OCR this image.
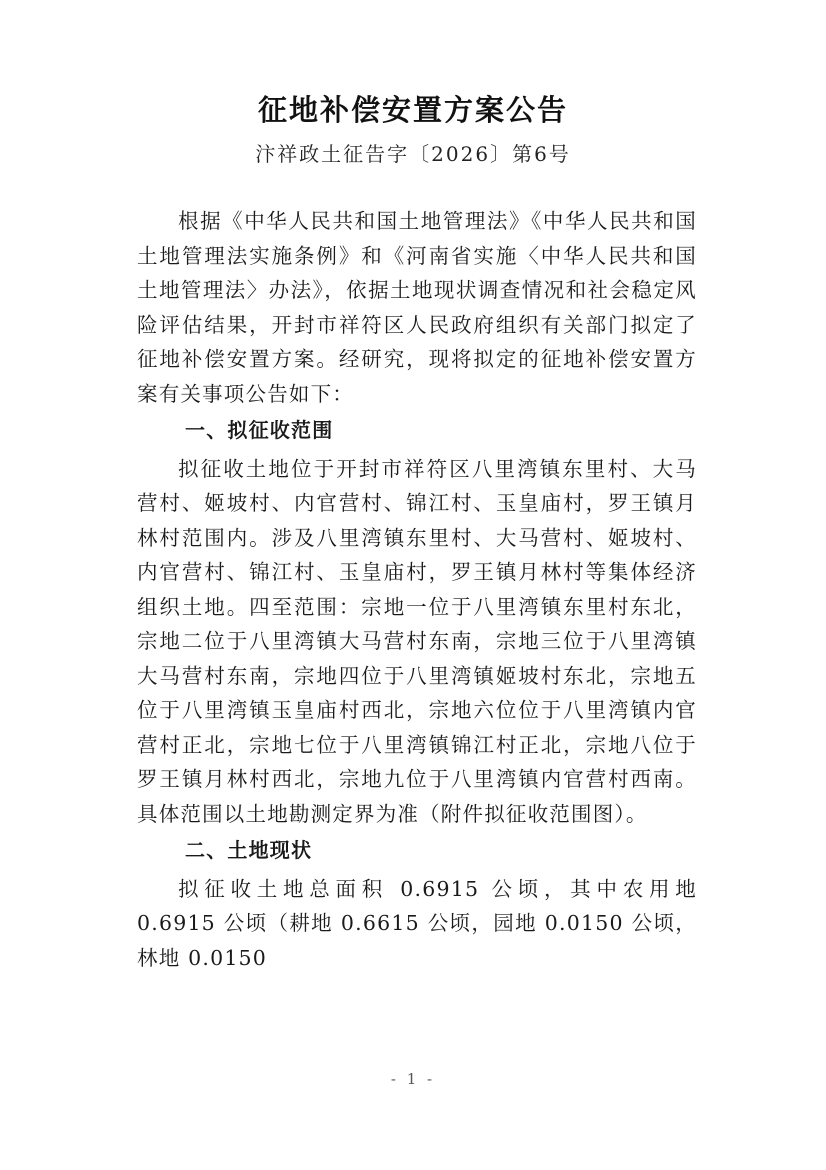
征地补偿安置方案公告
汴祥政土征告字〔2026〕第6号

根据《中华人民共和国土地管理法》《中华人民共和国土地管理法实施条例》和《河南省实施〈中华人民共和国土地管理法〉办法》，依据土地现状调查情况和社会稳定风险评估结果，开封市祥符区人民政府组织有关部门拟定了征地补偿安置方案。经研究，现将拟定的征地补偿安置方案有关事项公告如下：

一、拟征收范围

拟征收土地位于开封市祥符区八里湾镇东里村、大马营村、姬坡村、内官营村、锦江村、玉皇庙村，罗王镇月林村范围内。涉及八里湾镇东里村、大马营村、姬坡村、内官营村、锦江村、玉皇庙村，罗王镇月林村等集体经济组织土地。四至范围：宗地一位于八里湾镇东里村东北，宗地二位于八里湾镇大马营村东南，宗地三位于八里湾镇大马营村东南，宗地四位于八里湾镇姬坡村东北，宗地五位于八里湾镇玉皇庙村西北，宗地六位位于八里湾镇内官营村正北，宗地七位于八里湾镇锦江村正北，宗地八位于罗王镇月林村西北，宗地九位于八里湾镇内官营村西南。具体范围以土地勘测定界为准（附件拟征收范围图）。

二、土地现状

拟征收土地总面积 0.6915 公顷，其中农用地 0.6915 公顷（耕地 0.6615 公顷，园地 0.0150 公顷，林地 0.0150

- 1 -
